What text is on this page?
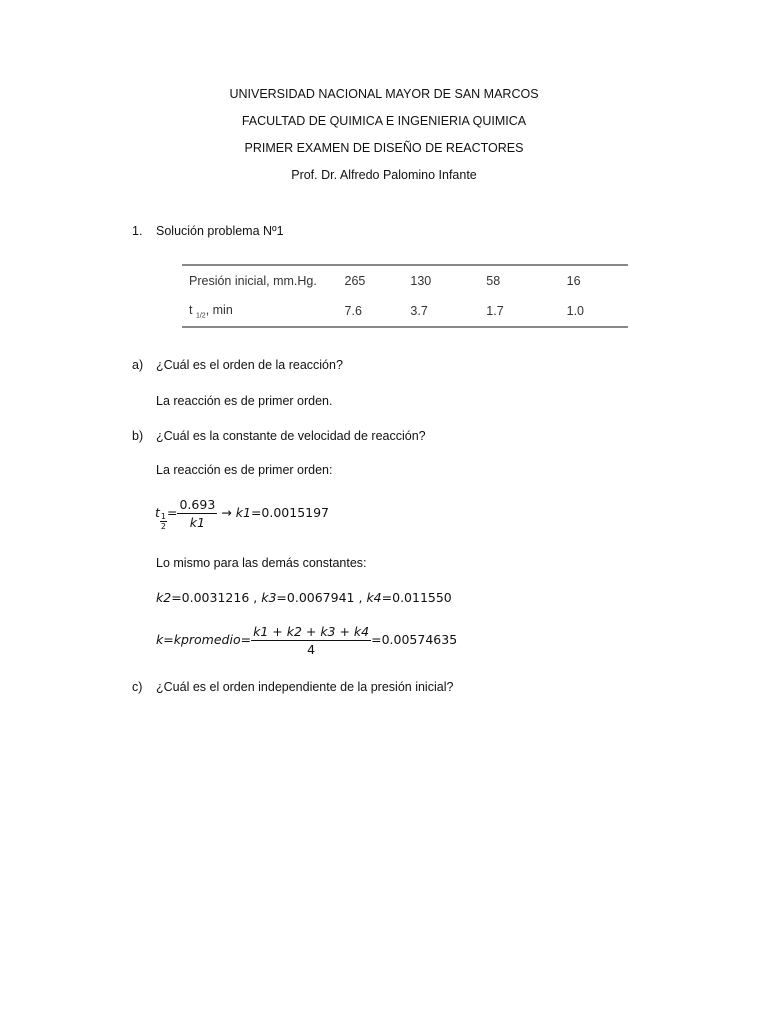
UNIVERSIDAD NACIONAL MAYOR DE SAN MARCOS
FACULTAD DE QUIMICA E INGENIERIA QUIMICA
PRIMER EXAMEN DE DISEÑO DE REACTORES
Prof. Dr. Alfredo Palomino Infante
1. Solución problema Nº1
Presión inicial, mm.Hg.	265	130	58	16
t $_{1/2}$, min	7.6	3.7	1.7	1.0
a) ¿Cuál es el orden de la reacción?
La reacción es de primer orden.
b) ¿Cuál es la constante de velocidad de reacción?
La reacción es de primer orden:
t $\frac{1}{2}= \frac{0.693}{k1} \to k1=0.0015197$
Lo mismo para las demás constantes:
k2=0.0031216 , k3=0.0067941 , k4=0.011550
k=kpromedio= $\frac{k1 + k2 + k3 + k4}{4} =0.00574635$
c) ¿Cuál es el orden independiente de la presión inicial?
